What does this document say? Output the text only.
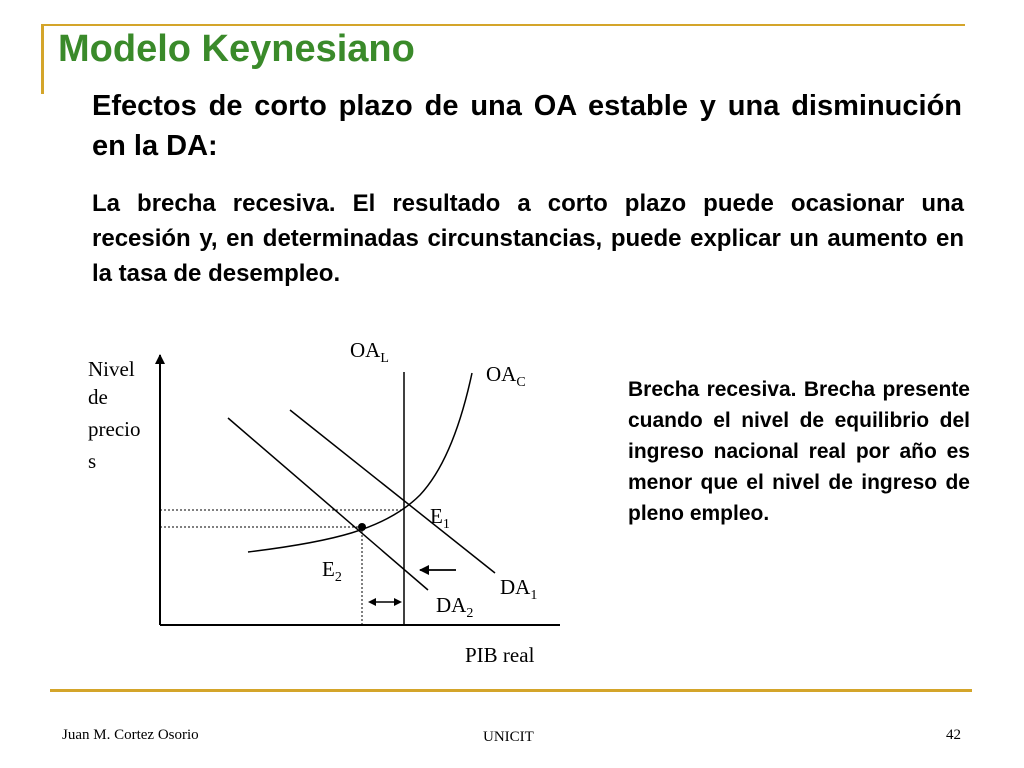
Modelo Keynesiano
Efectos de corto plazo de una OA estable y una disminución en la DA:
La brecha recesiva. El resultado a corto plazo puede ocasionar una recesión y, en determinadas circunstancias, puede explicar un aumento en la tasa de desempleo.
Brecha recesiva. Brecha presente cuando el nivel de equilibrio del ingreso nacional real por año es menor que el nivel de ingreso de pleno empleo.
Nivel
de
precio
s
PIB real
$OA_L$
$OA_C$
$DA_1$
$DA_2$
$E_1$
$E_2$
Juan M. Cortez Osorio	UNICIT	42
